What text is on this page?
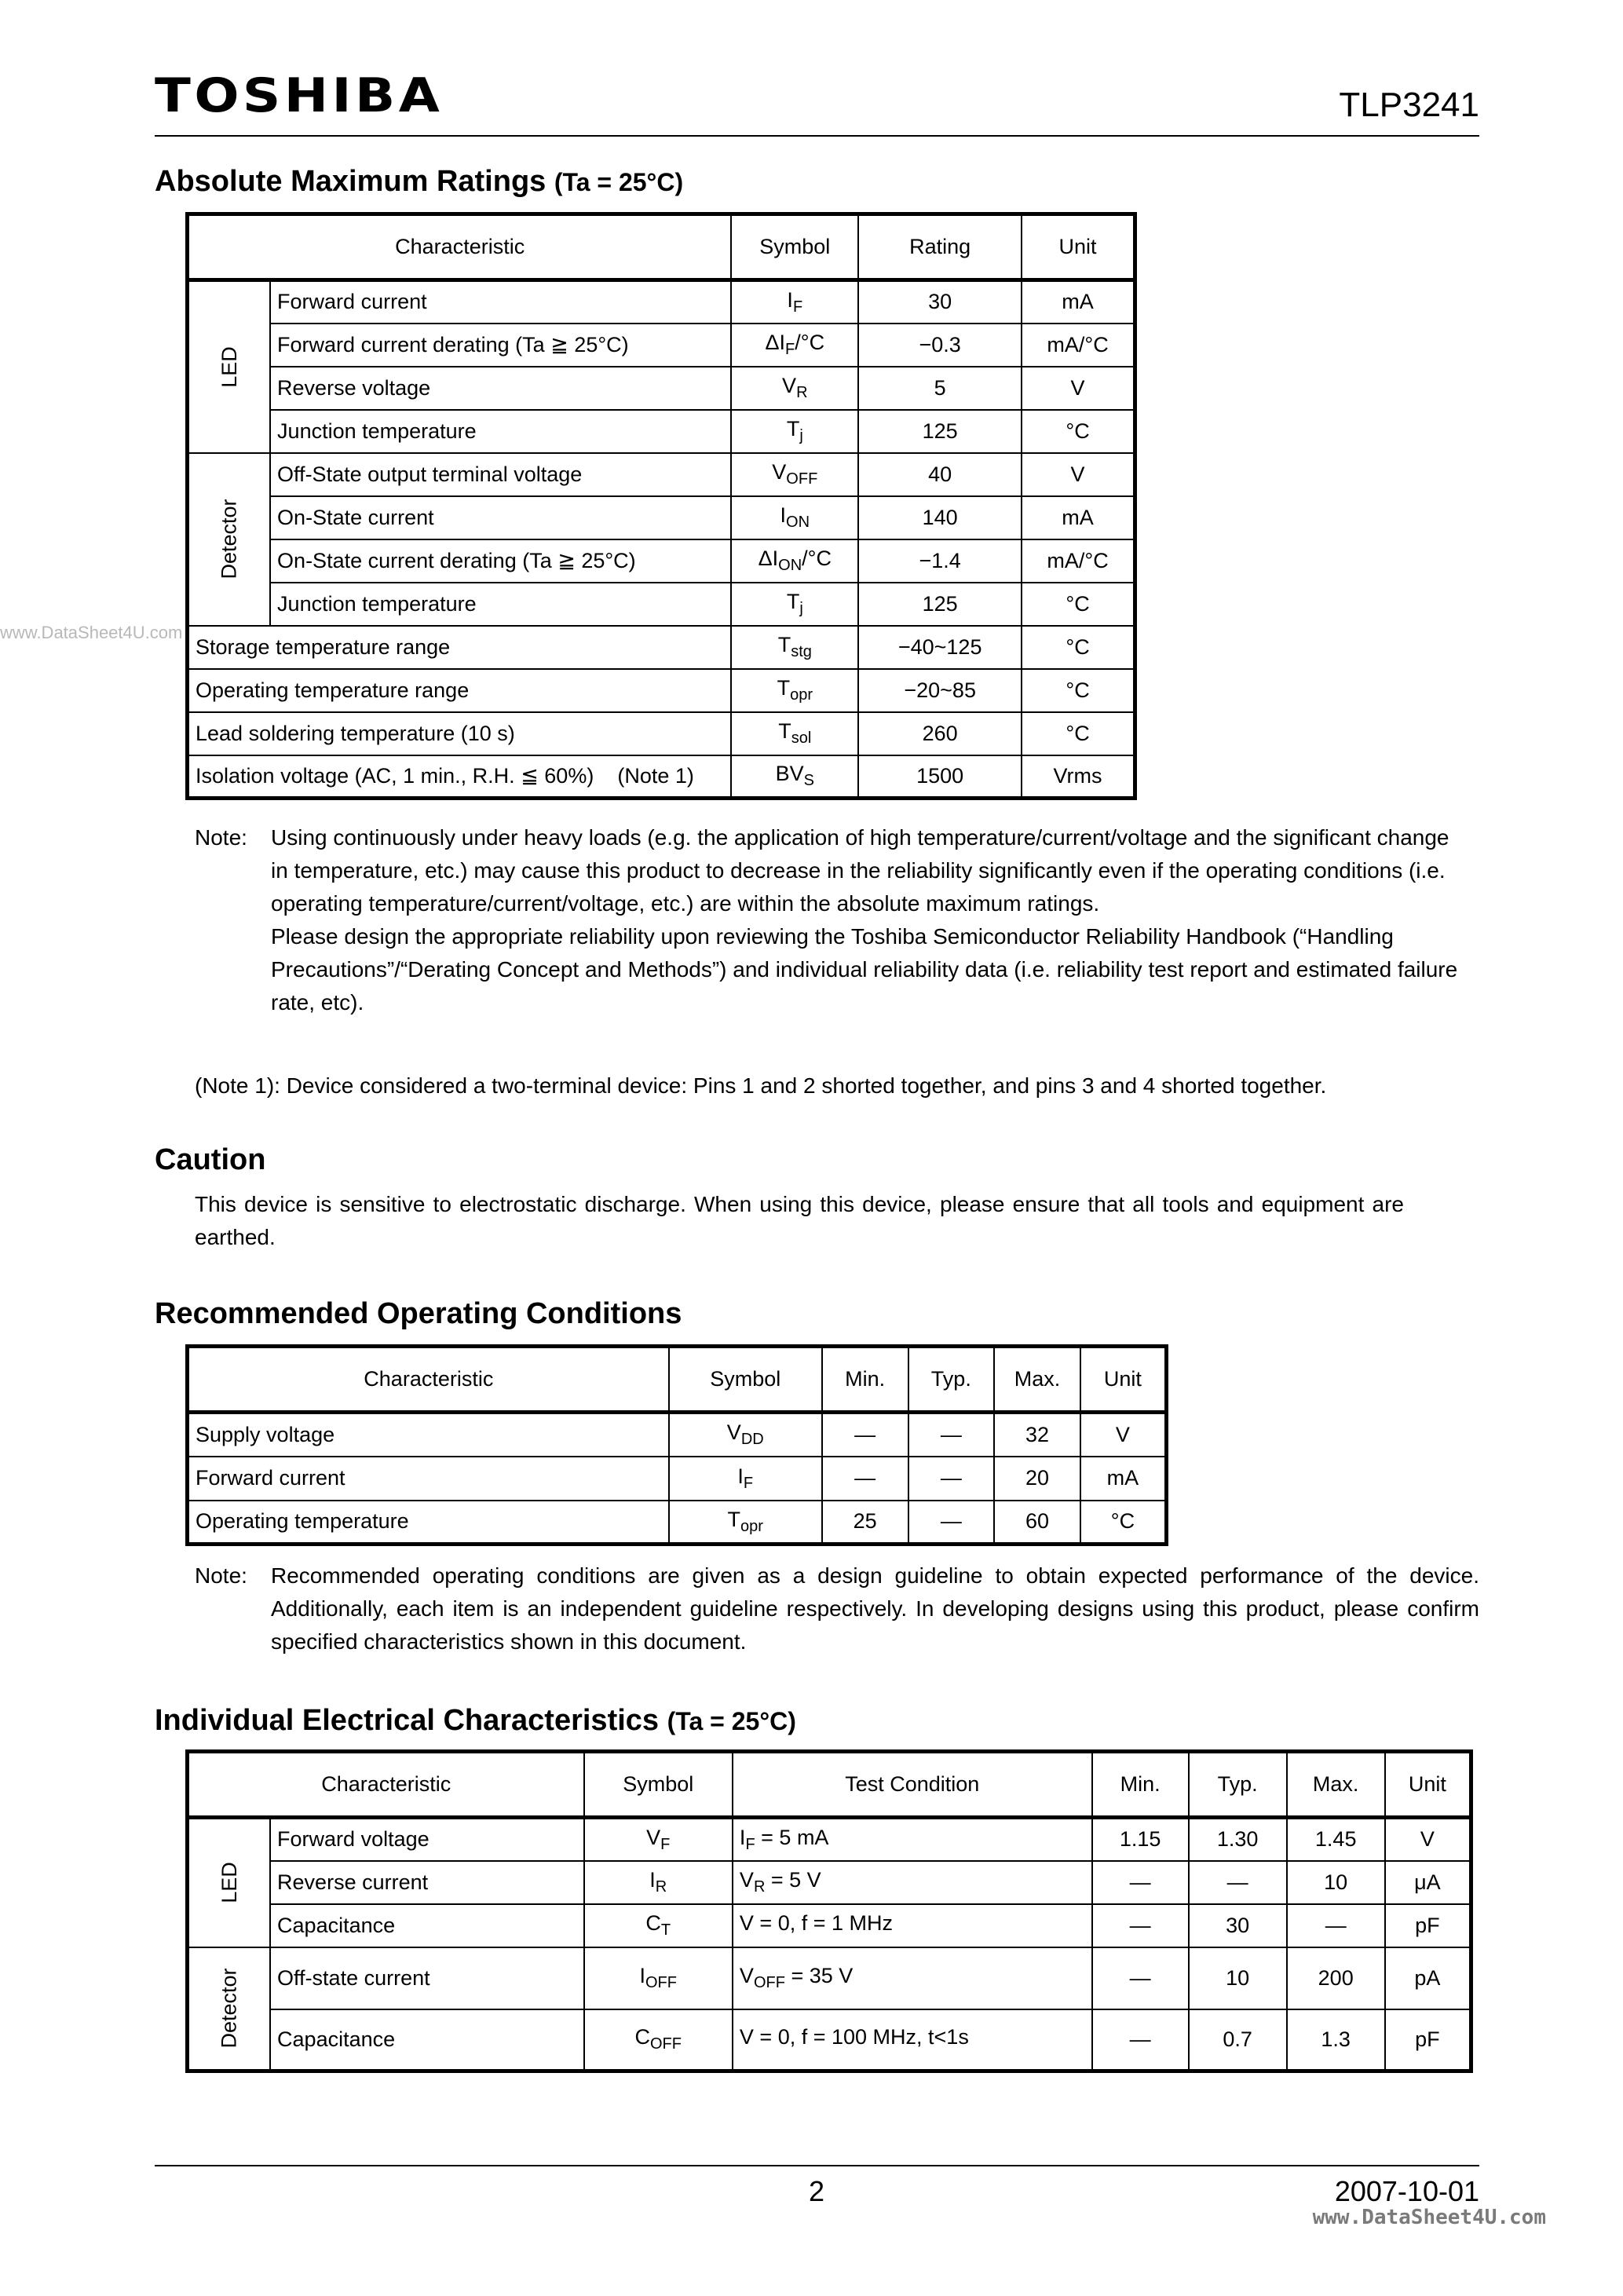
TOSHIBA	TLP3241
www.DataSheet4U.com
Absolute Maximum Ratings (Ta = 25°C)
Characteristic		Symbol	Rating	Unit
LED	Forward current	$I_F$	30	mA
	Forward current derating (Ta ≧ 25°C)	$\Delta I_F/^\circ C$	−0.3	mA/°C
	Reverse voltage	$V_R$	5	V
	Junction temperature	$T_j$	125	°C
Detector	Off-State output terminal voltage	$V_{OFF}$	40	V
	On-State current	$I_{ON}$	140	mA
	On-State current derating (Ta ≧ 25°C)	$\Delta I_{ON}/^\circ C$	−1.4	mA/°C
	Junction temperature	$T_j$	125	°C
Storage temperature range		$T_{stg}$	−40~125	°C
Operating temperature range		$T_{opr}$	−20~85	°C
Lead soldering temperature (10 s)		$T_{sol}$	260	°C
Isolation voltage (AC, 1 min., R.H. ≦ 60%)    (Note 1)		$BV_S$	1500	Vrms
Note: Using continuously under heavy loads (e.g. the application of high temperature/current/voltage and the significant change in temperature, etc.) may cause this product to decrease in the reliability significantly even if the operating conditions (i.e. operating temperature/current/voltage, etc.) are within the absolute maximum ratings.
Please design the appropriate reliability upon reviewing the Toshiba Semiconductor Reliability Handbook (“Handling Precautions”/“Derating Concept and Methods”) and individual reliability data (i.e. reliability test report and estimated failure rate, etc).
(Note 1): Device considered a two-terminal device: Pins 1 and 2 shorted together, and pins 3 and 4 shorted together.
Caution
This device is sensitive to electrostatic discharge. When using this device, please ensure that all tools and equipment are earthed.
Recommended Operating Conditions
Characteristic	Symbol	Min.	Typ.	Max.	Unit
Supply voltage	$V_{DD}$	—	—	32	V
Forward current	$I_F$	—	—	20	mA
Operating temperature	$T_{opr}$	25	—	60	°C
Note: Recommended operating conditions are given as a design guideline to obtain expected performance of the device. Additionally, each item is an independent guideline respectively. In developing designs using this product, please confirm specified characteristics shown in this document.
Individual Electrical Characteristics (Ta = 25°C)
Characteristic		Symbol	Test Condition	Min.	Typ.	Max.	Unit
LED	Forward voltage	$V_F$	$I_F = 5$ mA	1.15	1.30	1.45	V
	Reverse current	$I_R$	$V_R = 5$ V	—	—	10	μA
	Capacitance	$C_T$	V = 0, f = 1 MHz	—	30	—	pF
Detector	Off-state current	$I_{OFF}$	$V_{OFF} = 35$ V	—	10	200	pA
	Capacitance	$C_{OFF}$	V = 0, f = 100 MHz, t<1s	—	0.7	1.3	pF
2	2007-10-01
www.DataSheet4U.com
